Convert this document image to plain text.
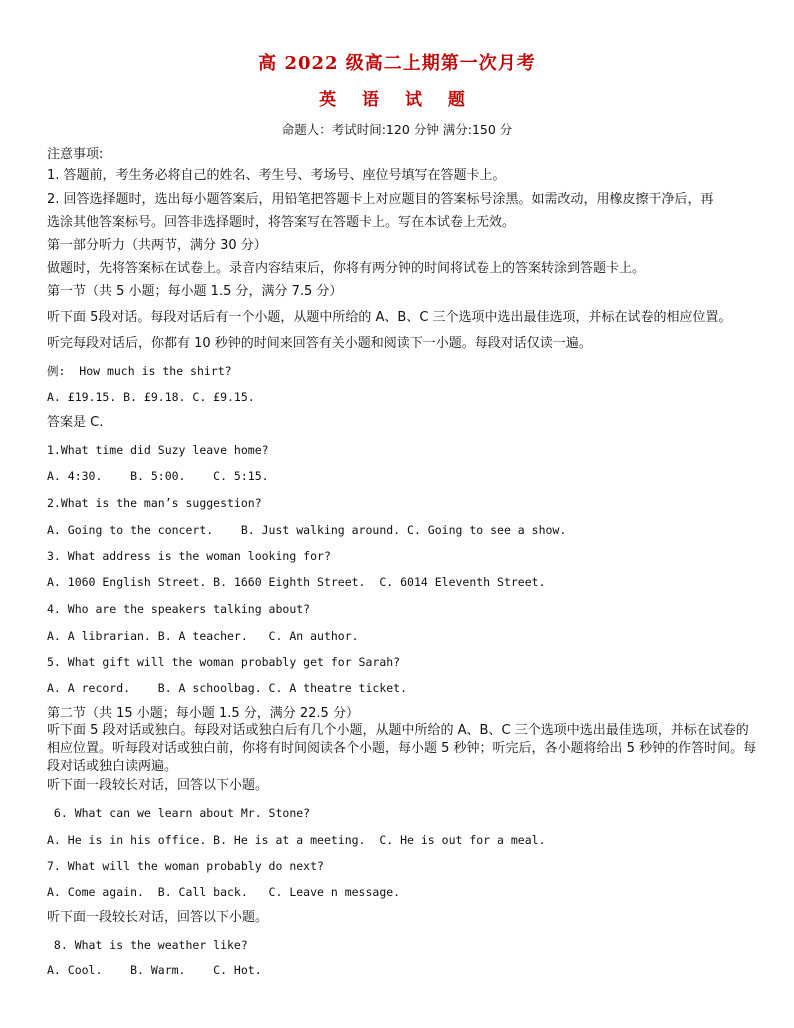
高 2022 级高二上期第一次月考
英 语 试 题
命题人：考试时间:120 分钟 满分:150 分
注意事项:
1. 答题前，考生务必将自己的姓名、考生号、考场号、座位号填写在答题卡上。
2. 回答选择题时，选出每小题答案后，用铅笔把答题卡上对应题目的答案标号涂黑。如需改动，用橡皮擦干净后，再
选涂其他答案标号。回答非选择题时，将答案写在答题卡上。写在本试卷上无效。
第一部分听力（共两节，满分 30 分）
做题时，先将答案标在试卷上。录音内容结束后，你将有两分钟的时间将试卷上的答案转涂到答题卡上。
第一节（共 5 小题；每小题 1.5 分，满分 7.5 分）
听下面 5段对话。每段对话后有一个小题，从题中所给的 A、B、C 三个选项中选出最佳选项，并标在试卷的相应位置。
听完每段对话后，你都有 10 秒钟的时间来回答有关小题和阅读下一小题。每段对话仅读一遍。
例:  How much is the shirt?
A. £19.15. B. £9.18. C. £9.15.
答案是 C.
1.What time did Suzy leave home?
A. 4:30.    B. 5:00.    C. 5:15.
2.What is the man’s suggestion?
A. Going to the concert.    B. Just walking around. C. Going to see a show.
3. What address is the woman looking for?
A. 1060 English Street. B. 1660 Eighth Street.  C. 6014 Eleventh Street.
4. Who are the speakers talking about?
A. A librarian. B. A teacher.   C. An author.
5. What gift will the woman probably get for Sarah?
A. A record.    B. A schoolbag. C. A theatre ticket.
第二节（共 15 小题；每小题 1.5 分，满分 22.5 分）
听下面 5 段对话或独白。每段对话或独白后有几个小题，从题中所给的 A、B、C 三个选项中选出最佳选项，并标在试卷的相应位置。听每段对话或独白前，你将有时间阅读各个小题，每小题 5 秒钟；听完后，各小题将给出 5 秒钟的作答时间。每段对话或独白读两遍。
听下面一段较长对话，回答以下小题。
6. What can we learn about Mr. Stone?
A. He is in his office. B. He is at a meeting.  C. He is out for a meal.
7. What will the woman probably do next?
A. Come again.  B. Call back.   C. Leave n message.
听下面一段较长对话，回答以下小题。
8. What is the weather like?
A. Cool.    B. Warm.    C. Hot.
